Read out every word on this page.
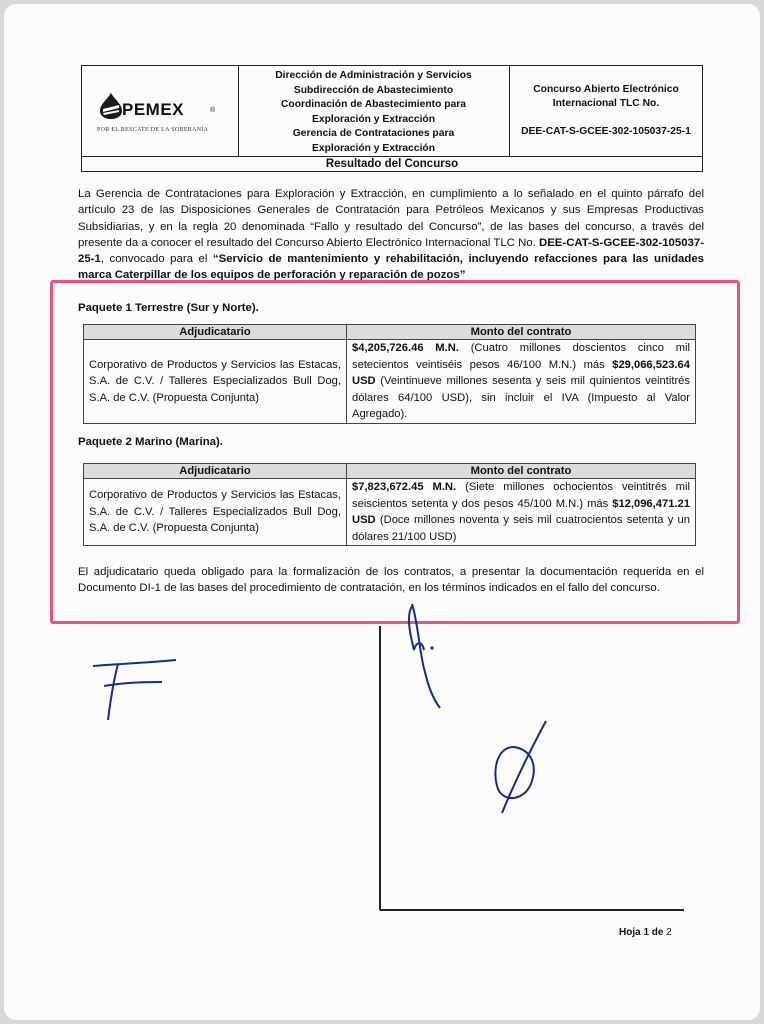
PEMEX	®
POR EL RESCATE DE LA SOBERANÍA
Dirección de Administración y Servicios
Subdirección de Abastecimiento
Coordinación de Abastecimiento para
Exploración y Extracción
Gerencia de Contrataciones para
Exploración y Extracción
Concurso Abierto Electrónico
Internacional TLC No.
DEE-CAT-S-GCEE-302-105037-25-1
Resultado del Concurso
La Gerencia de Contrataciones para Exploración y Extracción, en cumplimiento a lo señalado en el quinto párrafo del artículo 23 de las Disposiciones Generales de Contratación para Petróleos Mexicanos y sus Empresas Productivas Subsidiarias, y en la regla 20 denominada “Fallo y resultado del Concurso”, de las bases del concurso, a través del presente da a conocer el resultado del Concurso Abierto Electrónico Internacional TLC No. DEE-CAT-S-GCEE-302-105037-25-1, convocado para el “Servicio de mantenimiento y rehabilitación, incluyendo refacciones para las unidades marca Caterpillar de los equipos de perforación y reparación de pozos”
Paquete 1 Terrestre (Sur y Norte).
Adjudicatario	Monto del contrato
Corporativo de Productos y Servicios las Estacas, S.A. de C.V. / Talleres Especializados Bull Dog, S.A. de C.V. (Propuesta Conjunta)	$4,205,726.46 M.N. (Cuatro millones doscientos cinco mil setecientos veintiséis pesos 46/100 M.N.) más $29,066,523.64 USD (Veintinueve millones sesenta y seis mil quinientos veintitrés dólares 64/100 USD), sin incluir el IVA (Impuesto al Valor Agregado).
Paquete 2 Marino (Marina).
Adjudicatario	Monto del contrato
Corporativo de Productos y Servicios las Estacas, S.A. de C.V. / Talleres Especializados Bull Dog, S.A. de C.V. (Propuesta Conjunta)	$7,823,672.45 M.N. (Siete millones ochocientos veintitrés mil seiscientos setenta y dos pesos 45/100 M.N.) más $12,096,471.21 USD (Doce millones noventa y seis mil cuatrocientos setenta y un dólares 21/100 USD)
El adjudicatario queda obligado para la formalización de los contratos, a presentar la documentación requerida en el Documento DI-1 de las bases del procedimiento de contratación, en los términos indicados en el fallo del concurso.
Hoja 1 de 2
